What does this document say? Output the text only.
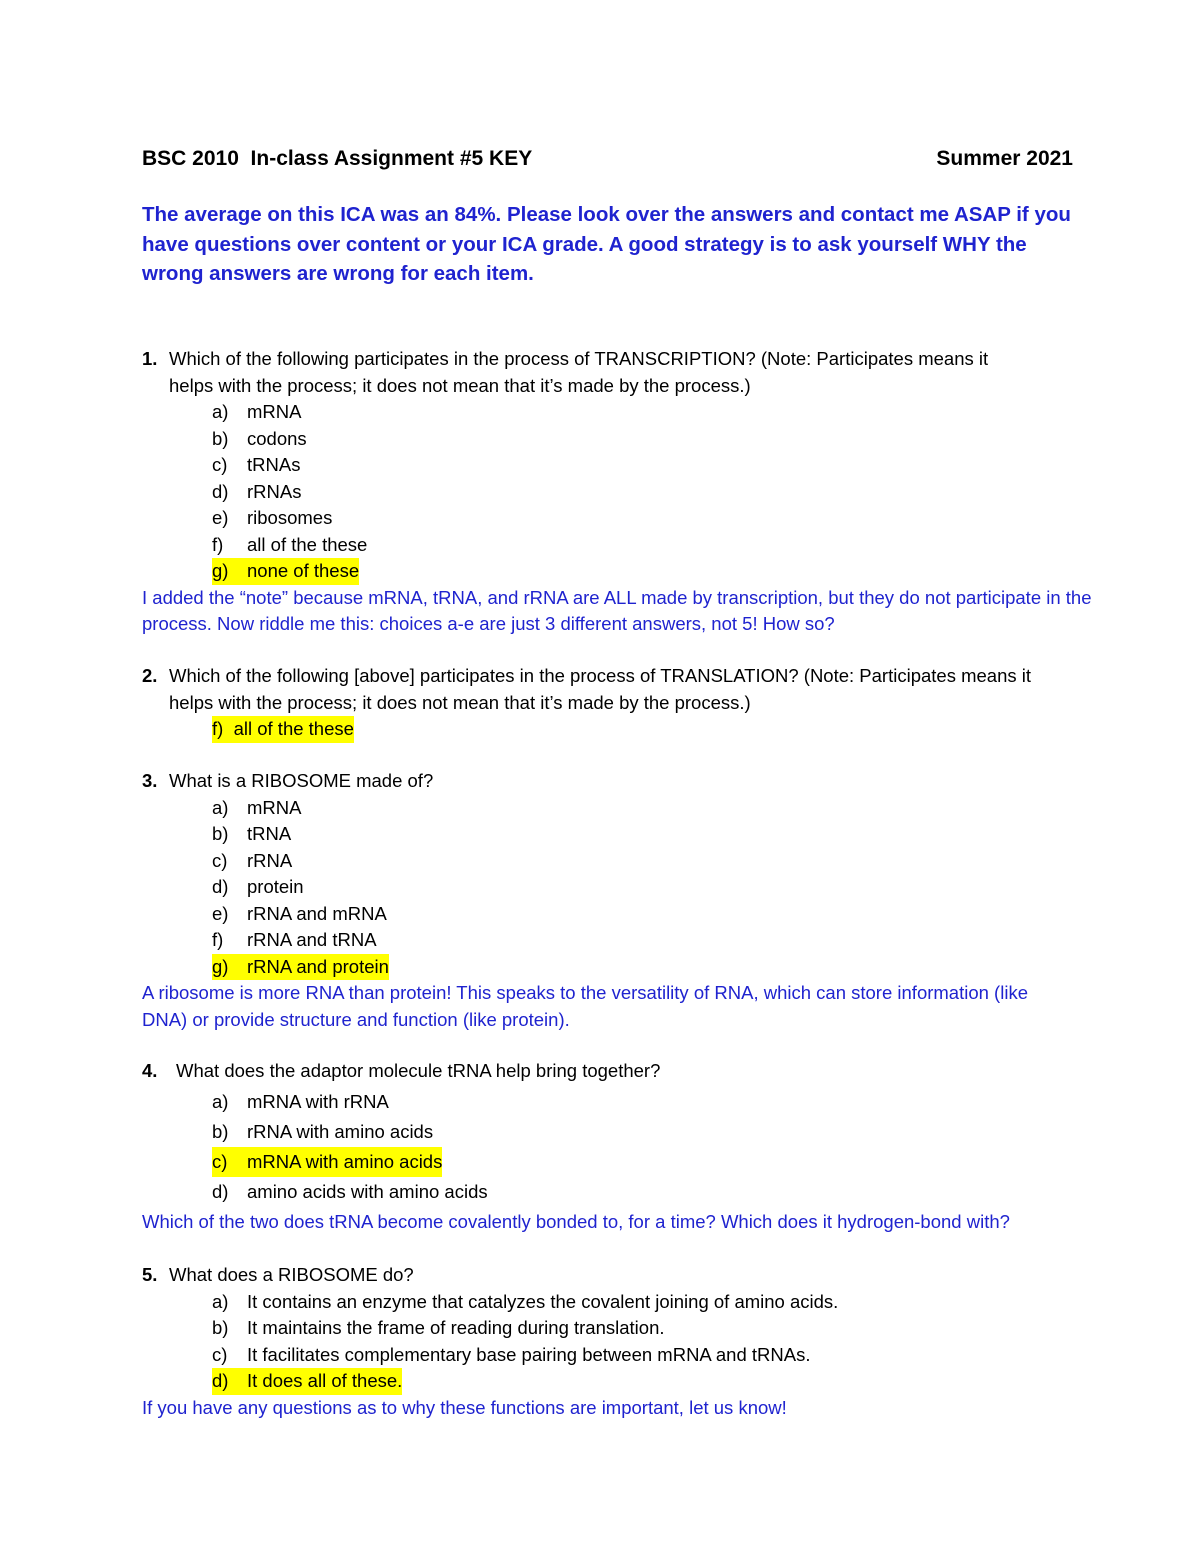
BSC 2010  In-class Assignment #5 KEY	Summer 2021
The average on this ICA was an 84%. Please look over the answers and contact me ASAP if you have questions over content or your ICA grade. A good strategy is to ask yourself WHY the wrong answers are wrong for each item.
1. Which of the following participates in the process of TRANSCRIPTION? (Note: Participates means it helps with the process; it does not mean that it’s made by the process.)
a)	mRNA
b)	codons
c)	tRNAs
d)	rRNAs
e)	ribosomes
f)	all of the these
g)	none of these
I added the “note” because mRNA, tRNA, and rRNA are ALL made by transcription, but they do not participate in the process. Now riddle me this: choices a-e are just 3 different answers, not 5! How so?
2. Which of the following [above] participates in the process of TRANSLATION? (Note: Participates means it helps with the process; it does not mean that it’s made by the process.)
f)  all of the these
3. What is a RIBOSOME made of?
a)	mRNA
b)	tRNA
c)	rRNA
d)	protein
e)	rRNA and mRNA
f)	rRNA and tRNA
g)	rRNA and protein
A ribosome is more RNA than protein! This speaks to the versatility of RNA, which can store information (like DNA) or provide structure and function (like protein).
4.	What does the adaptor molecule tRNA help bring together?
a)	mRNA with rRNA
b)	rRNA with amino acids
c)	mRNA with amino acids
d)	amino acids with amino acids
Which of the two does tRNA become covalently bonded to, for a time? Which does it hydrogen-bond with?
5. What does a RIBOSOME do?
a)	It contains an enzyme that catalyzes the covalent joining of amino acids.
b)	It maintains the frame of reading during translation.
c)	It facilitates complementary base pairing between mRNA and tRNAs.
d)	It does all of these.
If you have any questions as to why these functions are important, let us know!
